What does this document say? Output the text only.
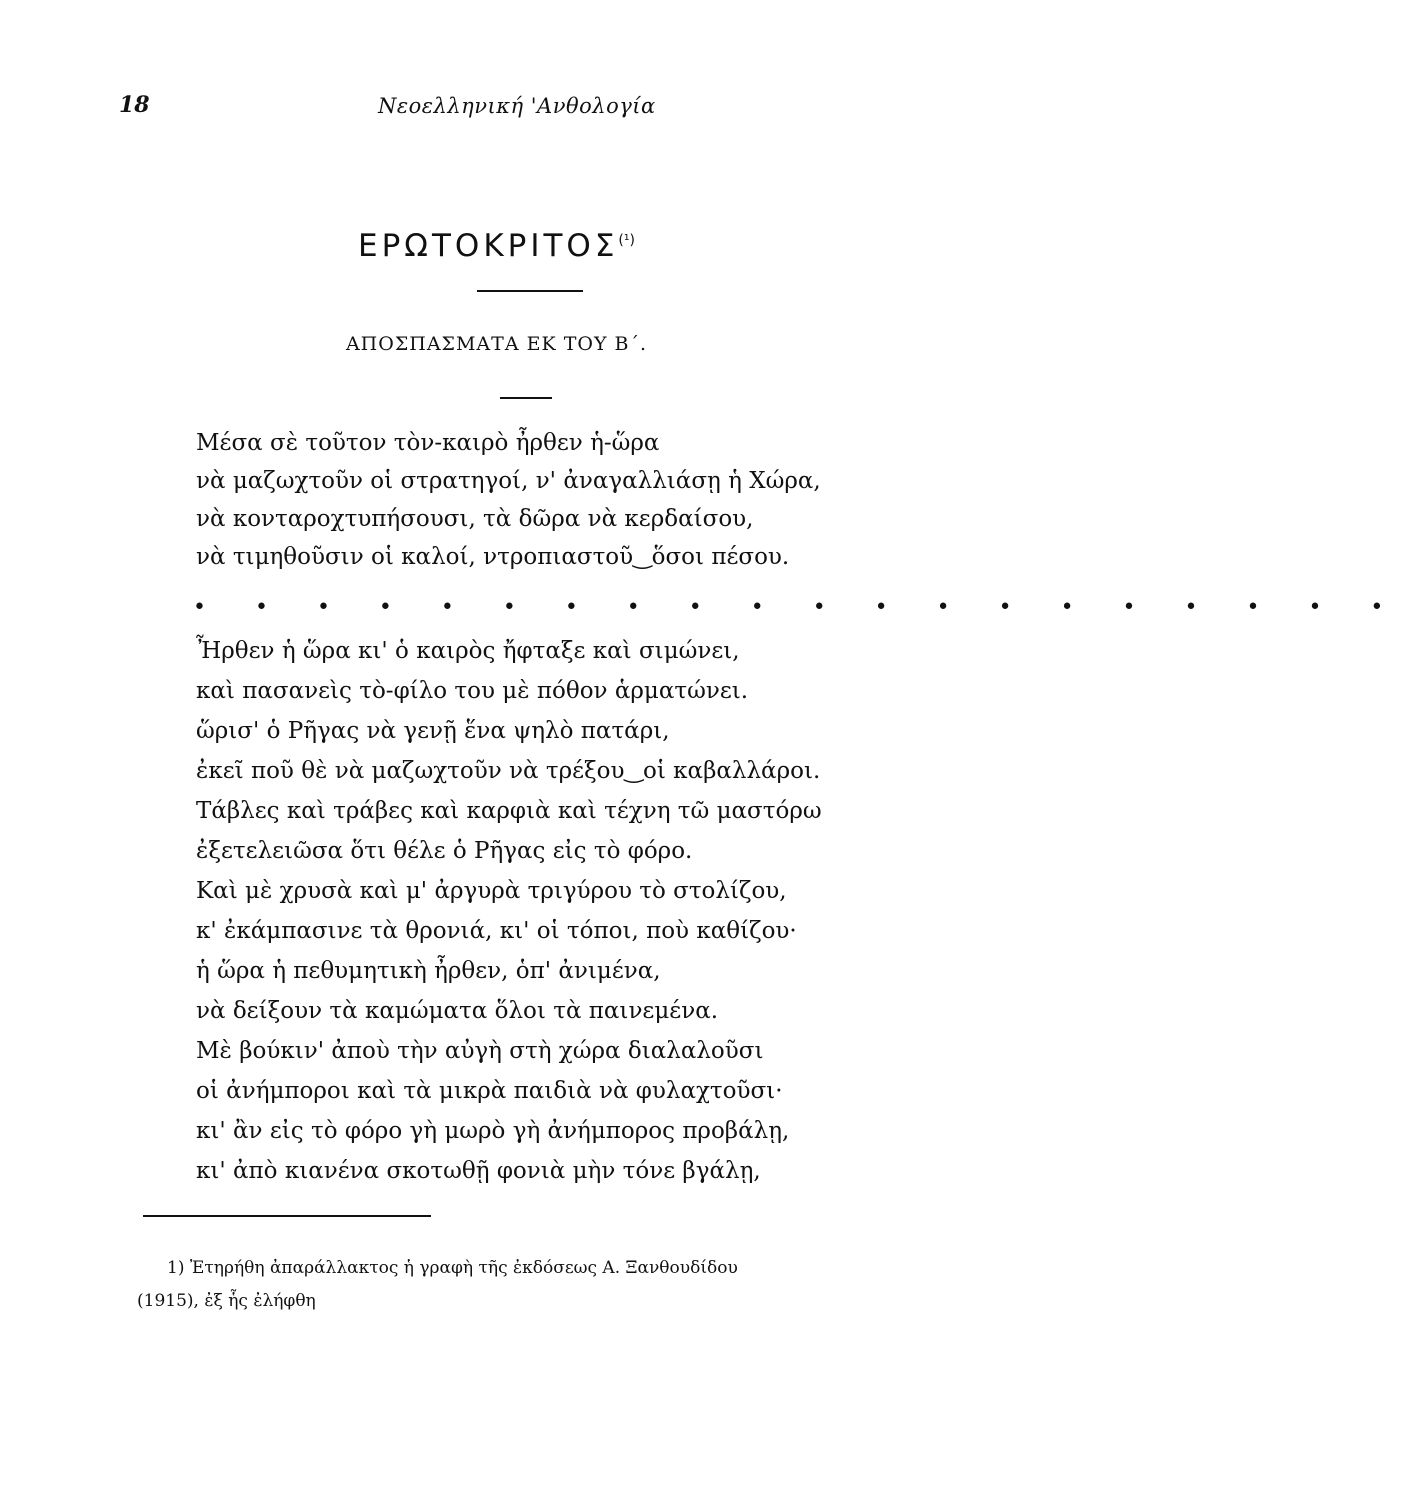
18	Νεοελληνική 'Ανθολογία
ΕΡΩΤΟΚΡΙΤΟΣ$^{(^1)}$
ΑΠΟΣΠΑΣΜΑΤΑ ΕΚ ΤΟΥ Β΄.
Μέσα σὲ τοῦτον τὸν-καιρὸ ἦρθεν ἡ-ὥρα
νὰ μαζωχτοῦν οἱ στρατηγοί, ν' ἀναγαλλιάσῃ ἡ Χώρα,
νὰ κονταροχτυπήσουσι, τὰ δῶρα νὰ κερδαίσου,
νὰ τιμηθοῦσιν οἱ καλοί, ντροπιαστοῦ‿ὅσοι πέσου.
• • • • • • • • • • • • • • • • • • • •
Ἦρθεν ἡ ὥρα κι' ὁ καιρὸς ἤφταξε καὶ σιμώνει,
καὶ πασανεὶς τὸ-φίλο του μὲ πόθον ἁρματώνει.
ὥρισ' ὁ Ρῆγας νὰ γενῇ ἕνα ψηλὸ πατάρι,
ἐκεῖ ποῦ θὲ νὰ μαζωχτοῦν νὰ τρέξου‿οἱ καβαλλάροι.
Τάβλες καὶ τράβες καὶ καρφιὰ καὶ τέχνη τῶ μαστόρω
ἐξετελειῶσα ὅτι θέλε ὁ Ρῆγας εἰς τὸ φόρο.
Καὶ μὲ χρυσὰ καὶ μ' ἀργυρὰ τριγύρου τὸ στολίζου,
κ' ἐκάμπασινε τὰ θρονιά, κι' οἱ τόποι, ποὺ καθίζου·
ἡ ὥρα ἡ πεθυμητικὴ ἦρθεν, ὁπ' ἀνιμένα,
νὰ δείξουν τὰ καμώματα ὅλοι τὰ παινεμένα.
Μὲ βούκιν' ἀποὺ τὴν αὐγὴ στὴ χώρα διαλαλοῦσι
οἱ ἀνήμποροι καὶ τὰ μικρὰ παιδιὰ νὰ φυλαχτοῦσι·
κι' ἂν εἰς τὸ φόρο γὴ μωρὸ γὴ ἀνήμπορος προβάλῃ,
κι' ἀπὸ κιανένα σκοτωθῇ φονιὰ μὴν τόνε βγάλῃ,

1) Ἐτηρήθη ἀπαράλλακτος ἡ γραφὴ τῆς ἐκδόσεως Α. Ξανθουδίδου

(1915), ἐξ ἧς ἐλήφθη
